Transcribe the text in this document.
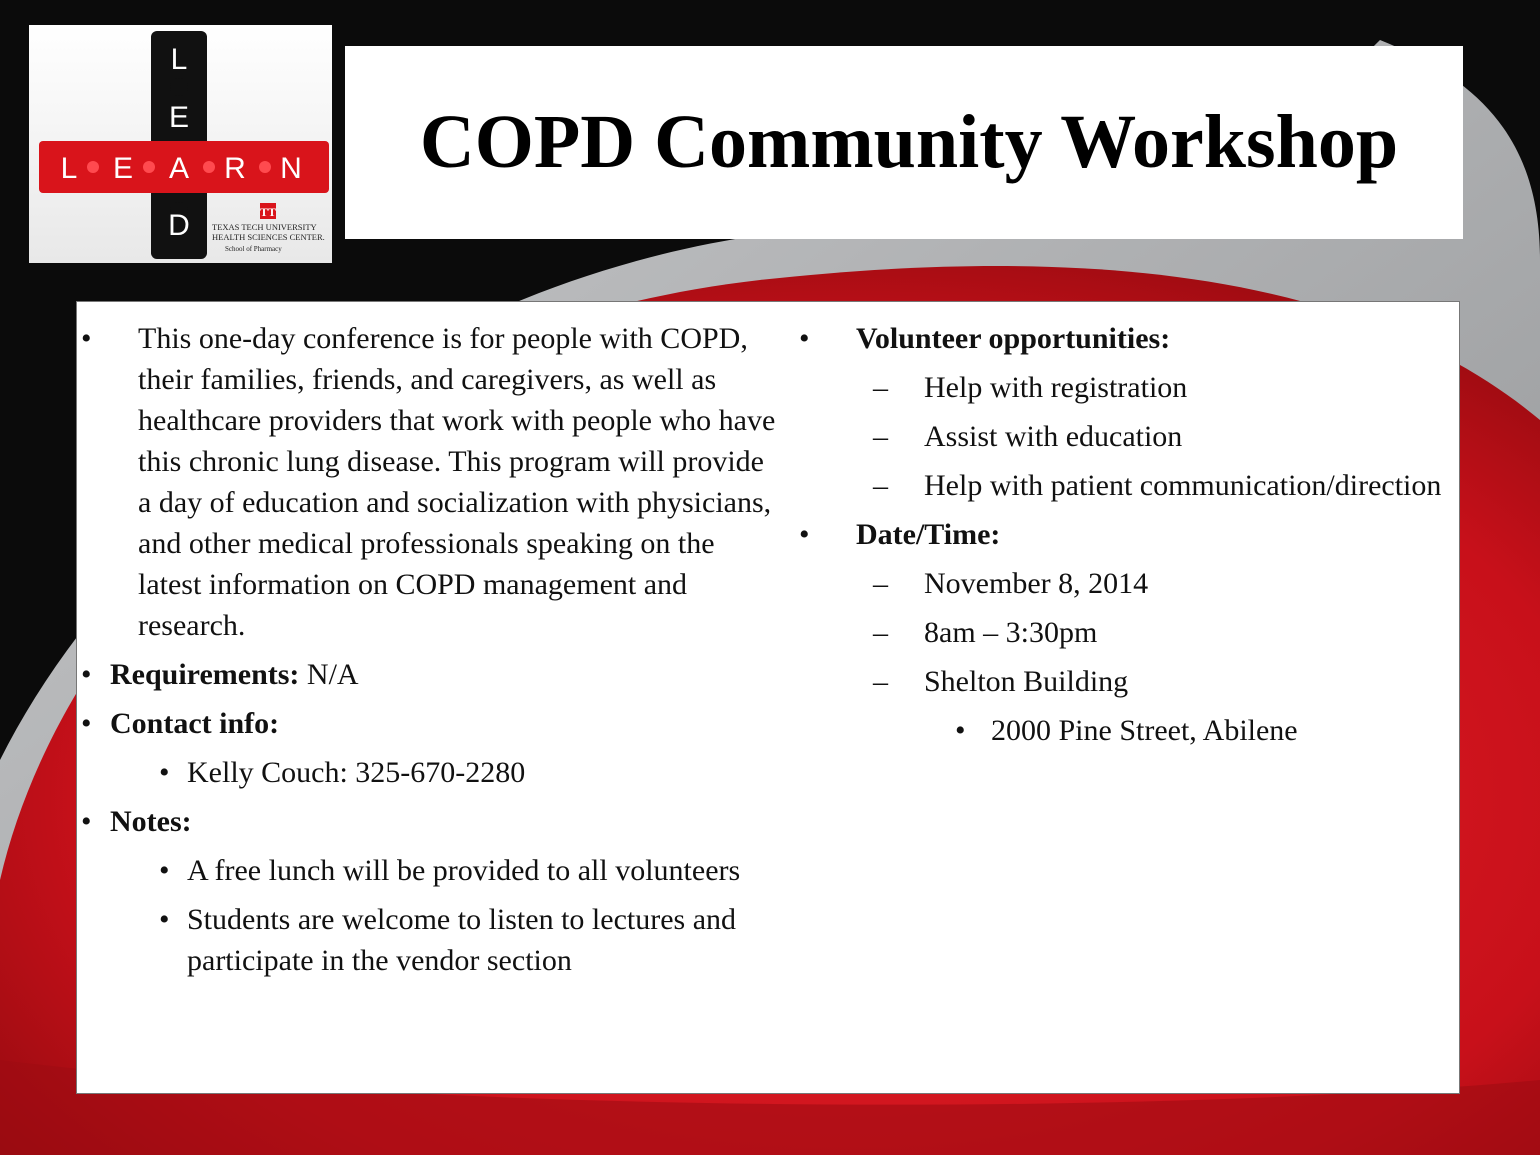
L
E
D
L E A R N
TT
TEXAS TECH UNIVERSITY
HEALTH SCIENCES CENTER.
School of Pharmacy
COPD Community Workshop
• This one-day conference is for people with COPD, their families, friends, and caregivers, as well as healthcare providers that work with people who have this chronic lung disease. This program will provide a day of education and socialization with physicians, and other medical professionals speaking on the latest information on COPD management and research.
• Requirements: N/A
• Contact info:
• Kelly Couch: 325-670-2280
• Notes:
• A free lunch will be provided to all volunteers
• Students are welcome to listen to lectures and participate in the vendor section
• Volunteer opportunities:
– Help with registration
– Assist with education
– Help with patient communication/direction
• Date/Time:
– November 8, 2014
– 8am – 3:30pm
– Shelton Building
• 2000 Pine Street, Abilene
